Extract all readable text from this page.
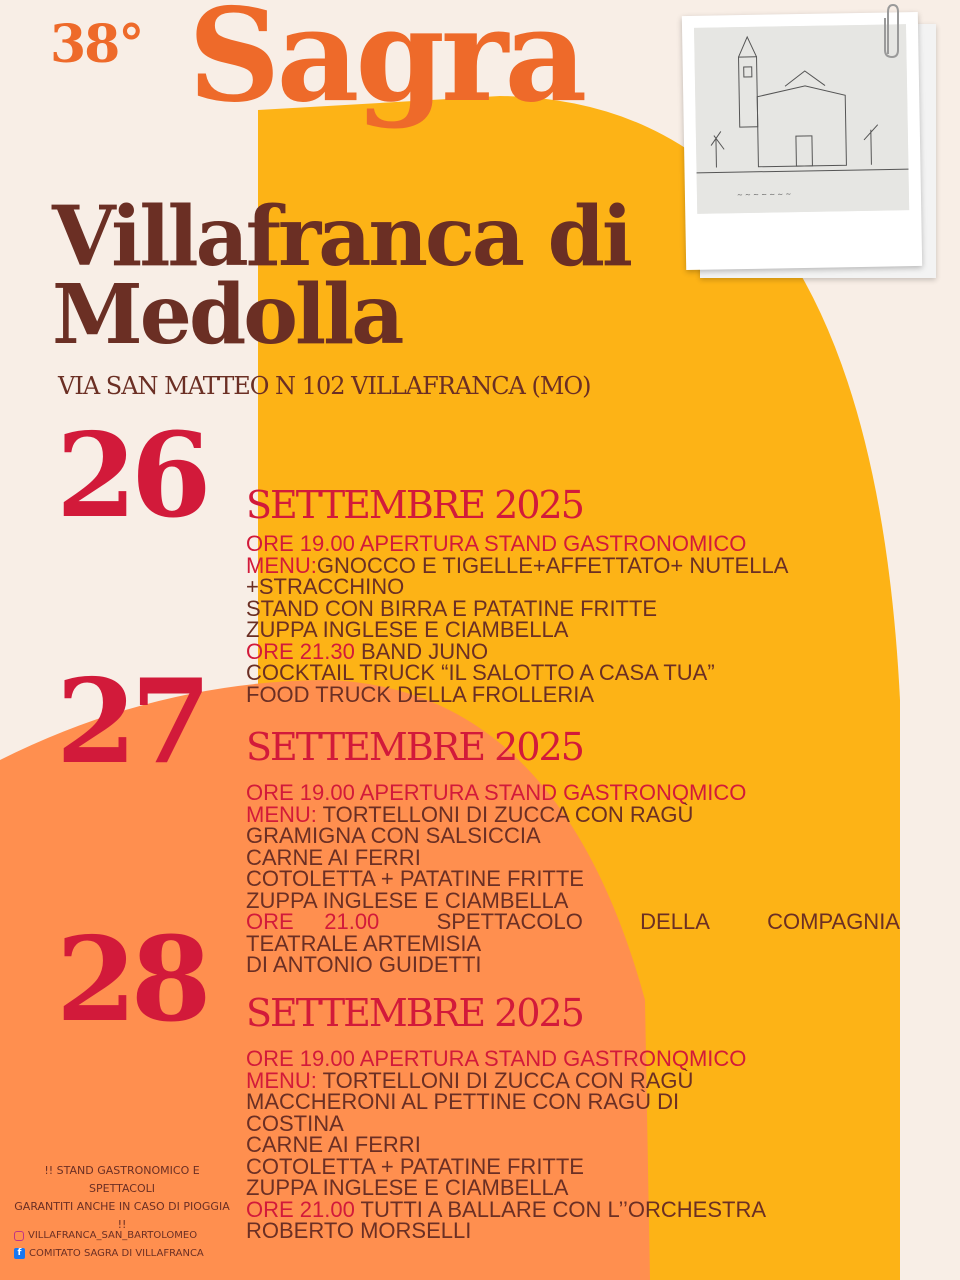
~ ~ ~ ~ ~ ~ ~
38° Sagra
Villafranca di
Medolla
VIA SAN MATTEO N 102 VILLAFRANCA (MO)
26 SETTEMBRE 2025
ORE 19.00 APERTURA STAND GASTRONOMICO
MENU:GNOCCO E TIGELLE+AFFETTATO+ NUTELLA
+STRACCHINO
STAND CON BIRRA E PATATINE FRITTE
ZUPPA INGLESE E CIAMBELLA
ORE 21.30 BAND JUNO
COCKTAIL TRUCK “IL SALOTTO A CASA TUA”
FOOD TRUCK DELLA FROLLERIA
27 SETTEMBRE 2025
ORE 19.00 APERTURA STAND GASTRONQMICO
MENU: TORTELLONI DI ZUCCA CON RAGÙ
GRAMIGNA CON SALSICCIA
CARNE AI FERRI
COTOLETTA + PATATINE FRITTE
ZUPPA INGLESE E CIAMBELLA
ORE     21.00	SPETTACOLO	DELLA	COMPAGNIA
TEATRALE ARTEMISIA
DI ANTONIO GUIDETTI
28 SETTEMBRE 2025
ORE 19.00 APERTURA STAND GASTRONQMICO
MENU: TORTELLONI DI ZUCCA CON RAGÙ
MACCHERONI AL PETTINE CON RAGÙ DI
COSTINA
CARNE AI FERRI
COTOLETTA + PATATINE FRITTE
ZUPPA INGLESE E CIAMBELLA
ORE 21.00 TUTTI A BALLARE CON L’’ORCHESTRA
ROBERTO MORSELLI
!! STAND GASTRONOMICO E SPETTACOLI
GARANTITI ANCHE IN CASO DI PIOGGIA !!
VILLAFRANCA_SAN_BARTOLOMEO
f COMITATO SAGRA DI VILLAFRANCA
